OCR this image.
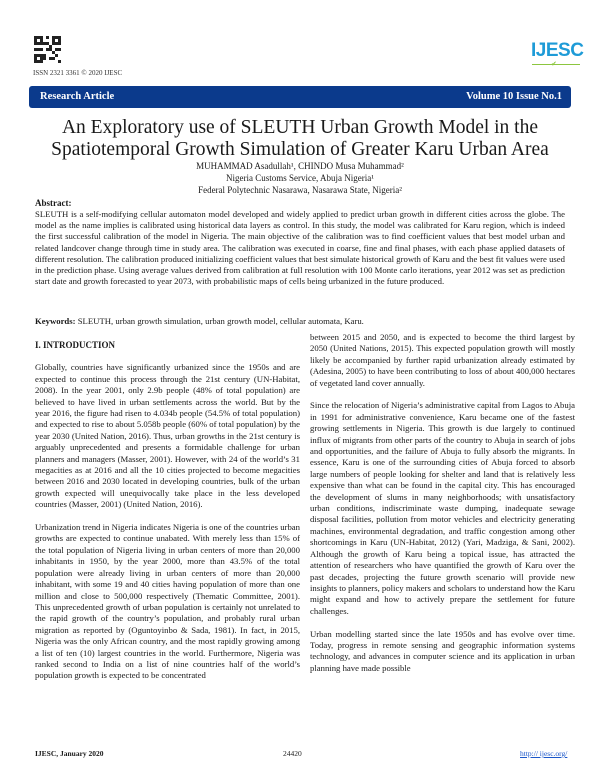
ISSN 2321 3361 © 2020 IJESC
IJESC
Research Article	Volume 10 Issue No.1
An Exploratory use of SLEUTH Urban Growth Model in the
Spatiotemporal Growth Simulation of Greater Karu Urban Area
MUHAMMAD Asadullah¹, CHINDO Musa Muhammad²
Nigeria Customs Service, Abuja Nigeria¹
Federal Polytechnic Nasarawa, Nasarawa State, Nigeria²
Abstract:
SLEUTH is a self-modifying cellular automaton model developed and widely applied to predict urban growth in different cities across the globe. The model as the name implies is calibrated using historical data layers as control. In this study, the model was calibrated for Karu region, which is indeed the first successful calibration of the model in Nigeria. The main objective of the calibration was to find coefficient values that best model urban and related landcover change through time in study area. The calibration was executed in coarse, fine and final phases, with each phase applied datasets of different resolution. The calibration produced initializing coefficient values that best simulate historical growth of Karu and the best fit values were used in the prediction phase. Using average values derived from calibration at full resolution with 100 Monte carlo iterations, year 2012 was set as prediction start date and growth forecasted to year 2073, with probabilistic maps of cells being urbanized in the future produced.
Keywords: SLEUTH, urban growth simulation, urban growth model, cellular automata, Karu.

I. INTRODUCTION

Globally, countries have significantly urbanized since the 1950s and are expected to continue this process through the 21st century (UN-Habitat, 2008). In the year 2001, only 2.9b people (48% of total population) are believed to have lived in urban settlements across the world. But by the year 2016, the figure had risen to 4.034b people (54.5% of total population) and expected to rise to about 5.058b people (60% of total population) by the year 2030 (United Nation, 2016). Thus, urban growths in the 21st century is arguably unprecedented and presents a formidable challenge for urban planners and managers (Masser, 2001). However, with 24 of the world’s 31 megacities as at 2016 and all the 10 cities projected to become megacities between 2016 and 2030 located in developing countries, bulk of the urban growth expected will unequivocally take place in the less developed countries (Masser, 2001) (United Nation, 2016).

Urbanization trend in Nigeria indicates Nigeria is one of the countries urban growths are expected to continue unabated. With merely less than 15% of the total population of Nigeria living in urban centers of more than 20,000 inhabitants in 1950, by the year 2000, more than 43.5% of the total population were already living in urban centers of more than 20,000 inhabitant, with some 19 and 40 cities having population of more than one million and close to 500,000 respectively (Thematic Committee, 2001). This unprecedented growth of urban population is certainly not unrelated to the rapid growth of the country’s population, and probably rural urban migration as reported by (Oguntoyinbo & Sada, 1981). In fact, in 2015, Nigeria was the only African country, and the most rapidly growing among a list of ten (10) largest countries in the world. Furthermore, Nigeria was ranked second to India on a list of nine countries half of the world’s population growth is expected to be concentrated

between 2015 and 2050, and is expected to become the third largest by 2050 (United Nations, 2015). This expected population growth will mostly likely be accompanied by further rapid urbanization already estimated by (Adesina, 2005) to have been contributing to loss of about 400,000 hectares of vegetated land cover annually.

Since the relocation of Nigeria’s administrative capital from Lagos to Abuja in 1991 for administrative convenience, Karu became one of the fastest growing settlements in Nigeria. This growth is due largely to continued influx of migrants from other parts of the country to Abuja in search of jobs and opportunities, and the failure of Abuja to fully absorb the migrants. In essence, Karu is one of the surrounding cities of Abuja forced to absorb large numbers of people looking for shelter and land that is relatively less expensive than what can be found in the capital city. This has encouraged the development of slums in many neighborhoods; with unsatisfactory urban conditions, indiscriminate waste dumping, inadequate sewage disposal facilities, pollution from motor vehicles and electricity generating machines, environmental degradation, and traffic congestion among other shortcomings in Karu (UN-Habitat, 2012) (Yari, Madziga, & Sani, 2002). Although the growth of Karu being a topical issue, has attracted the attention of researchers who have quantified the growth of Karu over the past decades, projecting the future growth scenario will provide new insights to planners, policy makers and scholars to understand how the Karu might expand and how to actively prepare the settlement for future challenges.

Urban modelling started since the late 1950s and has evolve over time. Today, progress in remote sensing and geographic information systems technology, and advances in computer science and its application in urban planning have made possible

IJESC, January 2020	24420	http:// ijesc.org/
